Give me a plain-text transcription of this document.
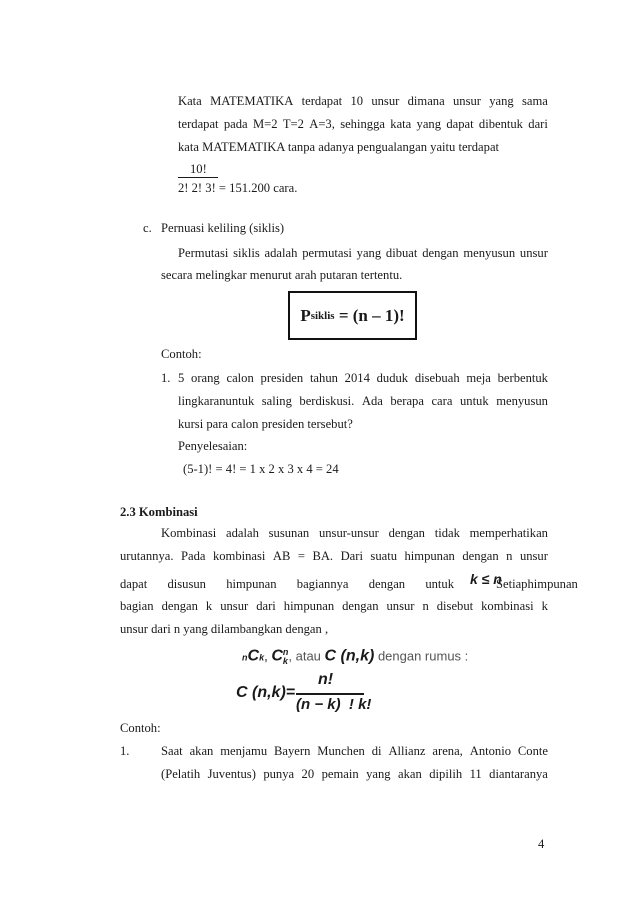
Kata MATEMATIKA terdapat 10 unsur dimana unsur yang sama
terdapat pada M=2 T=2 A=3, sehingga kata yang dapat dibentuk dari
kata MATEMATIKA tanpa adanya pengualangan yaitu terdapat
10!
2! 2! 3! = 151.200 cara.
c. Pernuasi keliling (siklis)
Permutasi siklis adalah permutasi yang dibuat dengan menyusun unsur
secara melingkar menurut arah putaran tertentu.
P siklis = (n – 1)!
Contoh:
1. 5 orang calon presiden tahun 2014 duduk disebuah meja berbentuk
lingkaranuntuk saling berdiskusi. Ada berapa cara untuk menyusun
kursi para calon presiden tersebut?
Penyelesaian:
(5-1)! = 4! = 1 x 2 x 3 x 4 = 24
2.3 Kombinasi
Kombinasi adalah susunan unsur-unsur dengan tidak memperhatikan
urutannya. Pada kombinasi AB = BA. Dari suatu himpunan dengan n unsur
dapat disusun himpunan bagiannya dengan untuk k ≤ n
Setiap himpunan
bagian dengan k unsur dari himpunan dengan unsur n disebut kombinasi k
unsur dari n yang dilambangkan dengan ,
nCk, C n
k , atau C (n,k) dengan rumus :
C (n,k)=
n!
(n − k)  ! k!
Contoh:
1.	Saat akan menjamu Bayern Munchen di Allianz arena, Antonio Conte
(Pelatih Juventus) punya 20 pemain yang akan dipilih 11 diantaranya
4
